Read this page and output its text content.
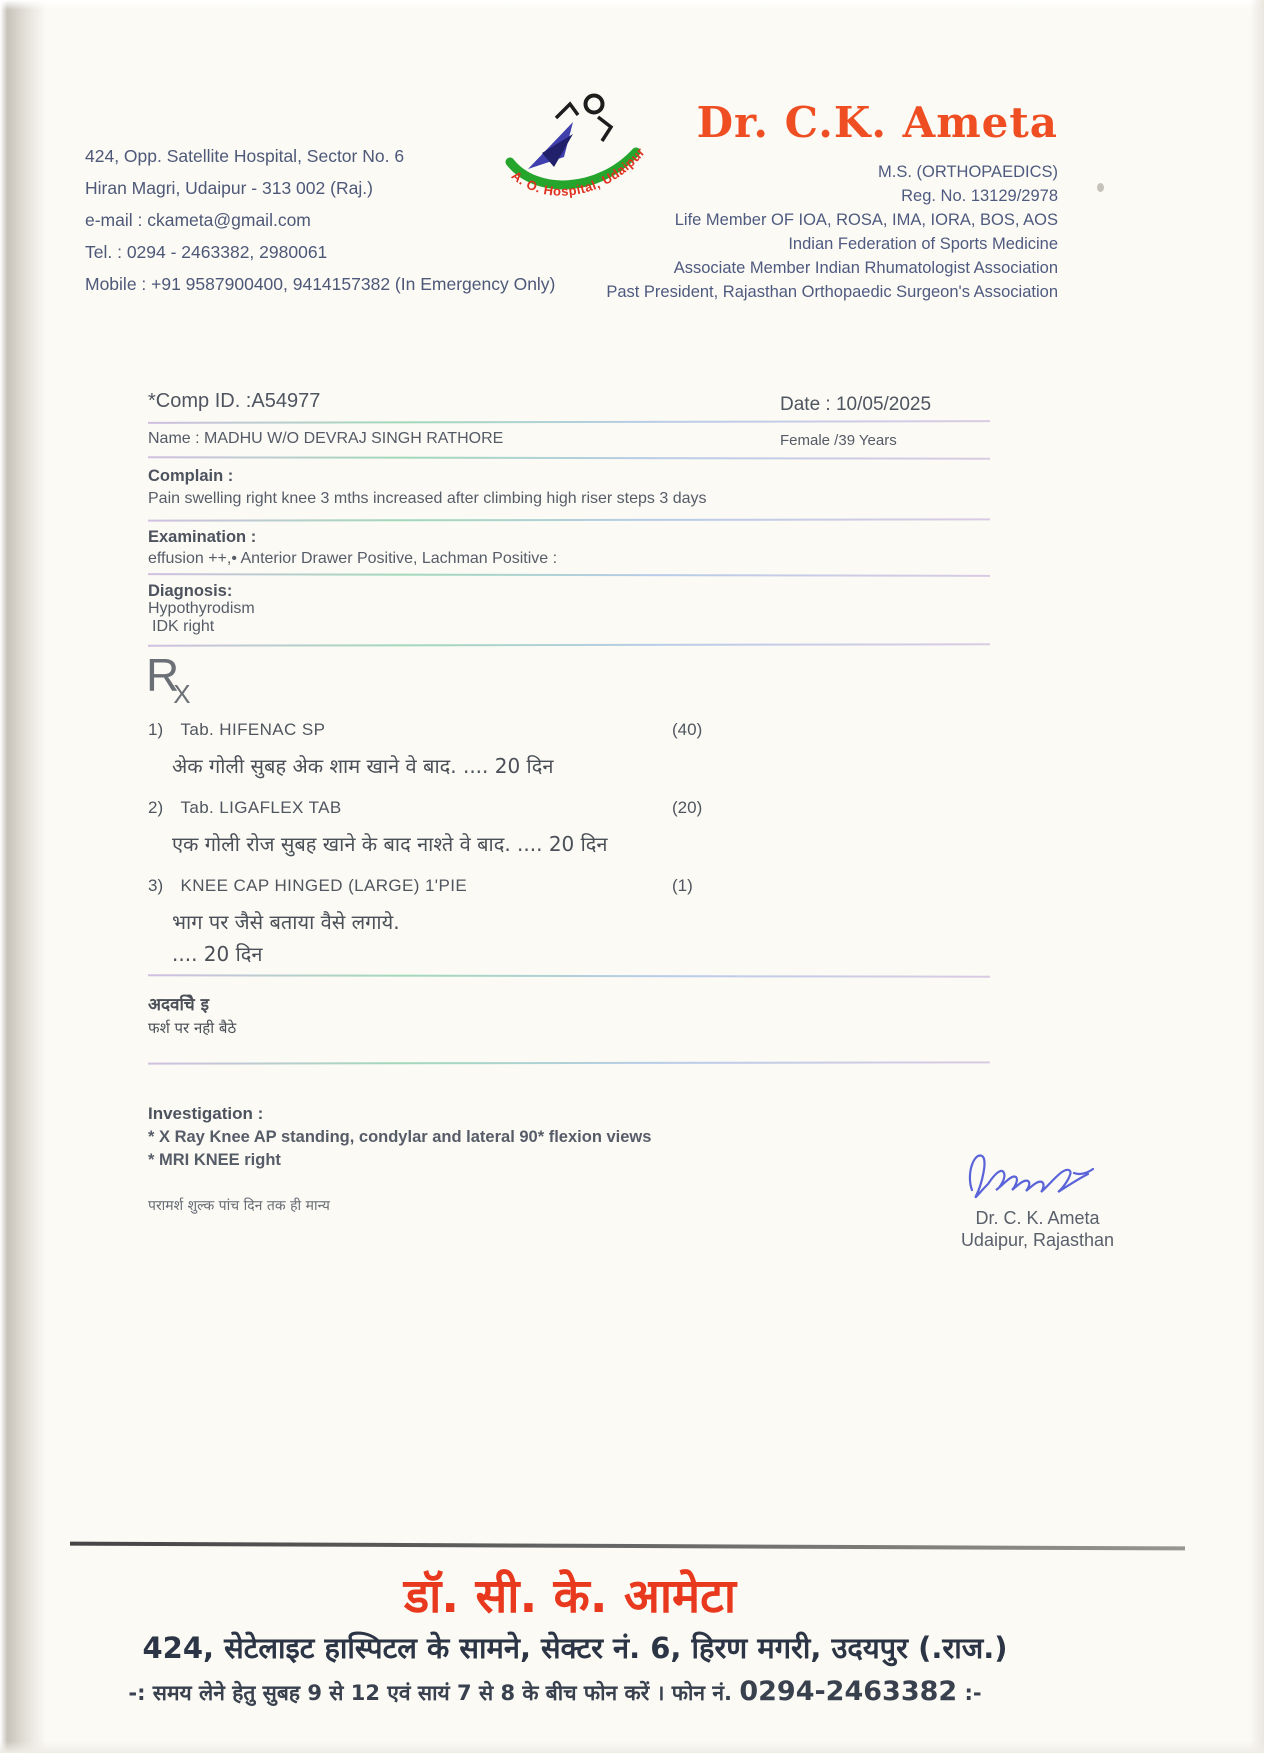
424, Opp. Satellite Hospital, Sector No. 6
Hiran Magri, Udaipur - 313 002 (Raj.)
e-mail : ckameta@gmail.com
Tel. : 0294 - 2463382, 2980061
Mobile : +91 9587900400, 9414157382 (In Emergency Only)
A. O. Hospital, Udaipur
Dr. C.K. Ameta
M.S. (ORTHOPAEDICS)
Reg. No. 13129/2978
Life Member OF IOA, ROSA, IMA, IORA, BOS, AOS
Indian Federation of Sports Medicine
Associate Member Indian Rhumatologist Association
Past President, Rajasthan Orthopaedic Surgeon's Association
*Comp ID. :A54977	Date : 10/05/2025
Name : MADHU W/O DEVRAJ SINGH RATHORE	Female /39 Years
Complain :
Pain swelling right knee 3 mths increased after climbing high riser steps 3 days
Examination :
effusion ++,• Anterior Drawer Positive, Lachman Positive :
Diagnosis:
Hypothyrodism
IDK right
RX
1) Tab. HIFENAC SP	(40)
अेक गोली सुबह अेक शाम खाने वे बाद. .... 20 दिन
2) Tab. LIGAFLEX TAB	(20)
एक गोली रोज सुबह खाने के बाद नाश्ते वे बाद. .... 20 दिन
3) KNEE CAP HINGED (LARGE) 1'PIE	(1)
भाग पर जैसे बताया वैसे लगाये.
.... 20 दिन
अदवचिे इ
फर्श पर नही बैठे
Investigation :
* X Ray Knee AP standing, condylar and lateral 90* flexion views
* MRI KNEE right
परामर्श शुल्क पांच दिन तक ही मान्य
Dr. C. K. Ameta
Udaipur, Rajasthan
डॉ. सी. के. आमेटा
424, सेटेलाइट हास्पिटल के सामने, सेक्टर नं. 6, हिरण मगरी, उदयपुर (.राज.)
-: समय लेने हेतु सुबह 9 से 12 एवं सायं 7 से 8 के बीच फोन करें । फोन नं. 0294-2463382 :-
